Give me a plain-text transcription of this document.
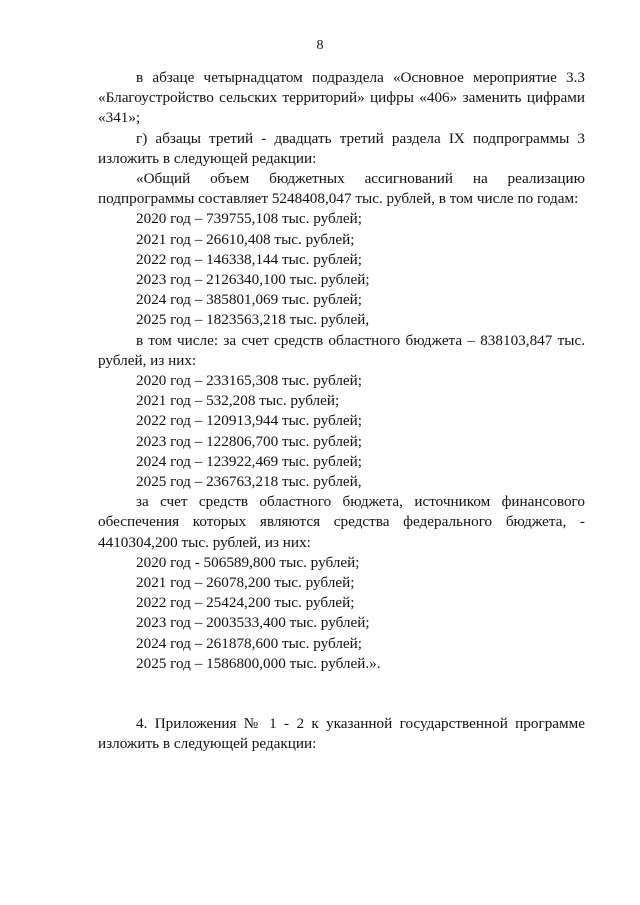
8

в абзаце четырнадцатом подраздела «Основное мероприятие 3.3 «Благоустройство сельских территорий» цифры «406» заменить цифрами «341»;

г) абзацы третий - двадцать третий раздела IX подпрограммы 3 изложить в следующей редакции:

«Общий объем бюджетных ассигнований на реализацию подпрограммы составляет 5248408,047 тыс. рублей, в том числе по годам:

2020 год – 739755,108 тыс. рублей;

2021 год – 26610,408 тыс. рублей;

2022 год – 146338,144 тыс. рублей;

2023 год – 2126340,100 тыс. рублей;

2024 год – 385801,069 тыс. рублей;

2025 год – 1823563,218 тыс. рублей,

в том числе: за счет средств областного бюджета – 838103,847 тыс. рублей, из них:

2020 год – 233165,308 тыс. рублей;

2021 год – 532,208 тыс. рублей;

2022 год – 120913,944 тыс. рублей;

2023 год – 122806,700 тыс. рублей;

2024 год – 123922,469 тыс. рублей;

2025 год – 236763,218 тыс. рублей,

за счет средств областного бюджета, источником финансового обеспечения которых являются средства федерального бюджета, - 4410304,200 тыс. рублей, из них:

2020 год - 506589,800 тыс. рублей;

2021 год – 26078,200 тыс. рублей;

2022 год – 25424,200 тыс. рублей;

2023 год – 2003533,400 тыс. рублей;

2024 год – 261878,600 тыс. рублей;

2025 год – 1586800,000 тыс. рублей.».

4. Приложения № 1 - 2 к указанной государственной программе изложить в следующей редакции:
